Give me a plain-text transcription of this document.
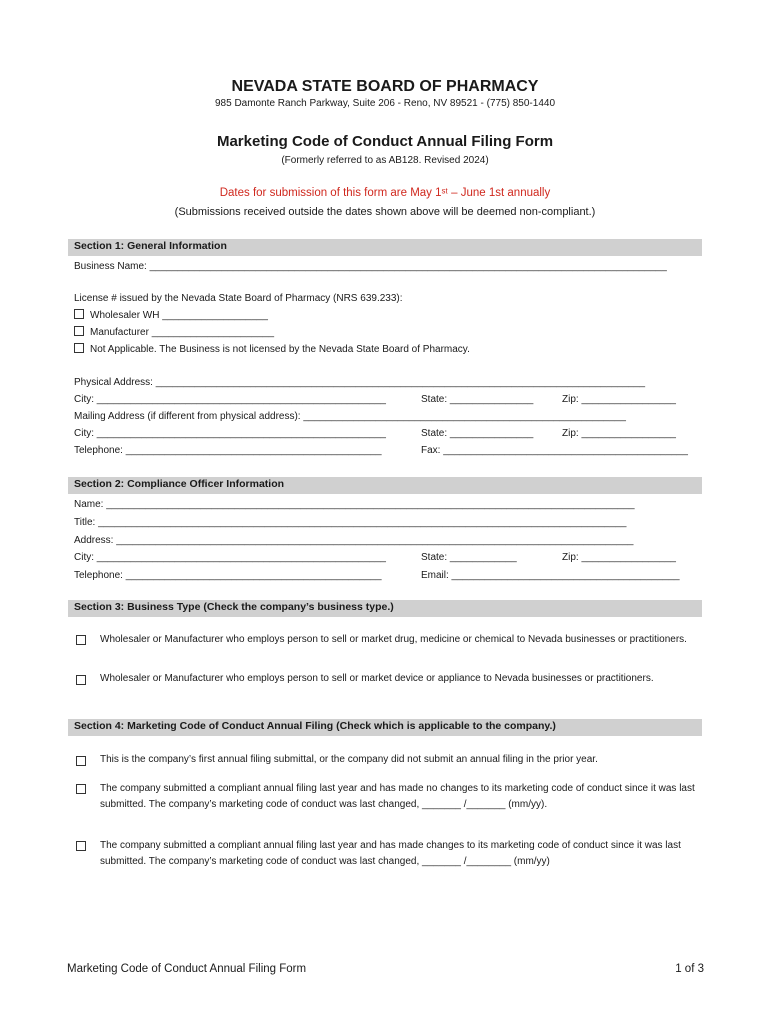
NEVADA STATE BOARD OF PHARMACY
985 Damonte Ranch Parkway, Suite 206 - Reno, NV 89521 - (775) 850-1440
Marketing Code of Conduct Annual Filing Form
(Formerly referred to as AB128. Revised 2024)
Dates for submission of this form are May 1ˢᵗ – June 1st annually
(Submissions received outside the dates shown above will be deemed non-compliant.)
Section 1: General Information
Business Name: _____________________________________________________________________________________________
License # issued by the Nevada State Board of Pharmacy (NRS 639.233):
Wholesaler WH ___________________
Manufacturer ______________________
Not Applicable. The Business is not licensed by the Nevada State Board of Pharmacy.
Physical Address: ________________________________________________________________________________________
City: ____________________________________________________	State: _______________	Zip: _________________
Mailing Address (if different from physical address): __________________________________________________________
City: ____________________________________________________	State: _______________	Zip: _________________
Telephone: ______________________________________________	Fax: ____________________________________________
Section 2: Compliance Officer Information
Name: _______________________________________________________________________________________________
Title: _______________________________________________________________________________________________
Address: _____________________________________________________________________________________________
City: ____________________________________________________	State: ____________	Zip: _________________
Telephone: ______________________________________________	Email: _________________________________________
Section 3: Business Type (Check the company’s business type.)
Wholesaler or Manufacturer who employs person to sell or market drug, medicine or chemical to Nevada businesses or practitioners.
Wholesaler or Manufacturer who employs person to sell or market device or appliance to Nevada businesses or practitioners.
Section 4: Marketing Code of Conduct Annual Filing (Check which is applicable to the company.)
This is the company’s first annual filing submittal, or the company did not submit an annual filing in the prior year.
The company submitted a compliant annual filing last year and has made no changes to its marketing code of conduct since it was last submitted. The company’s marketing code of conduct was last changed, _______ /_______ (mm/yy).
The company submitted a compliant annual filing last year and has made changes to its marketing code of conduct since it was last submitted. The company’s marketing code of conduct was last changed, _______ /________ (mm/yy)
Marketing Code of Conduct Annual Filing Form	1 of 3
